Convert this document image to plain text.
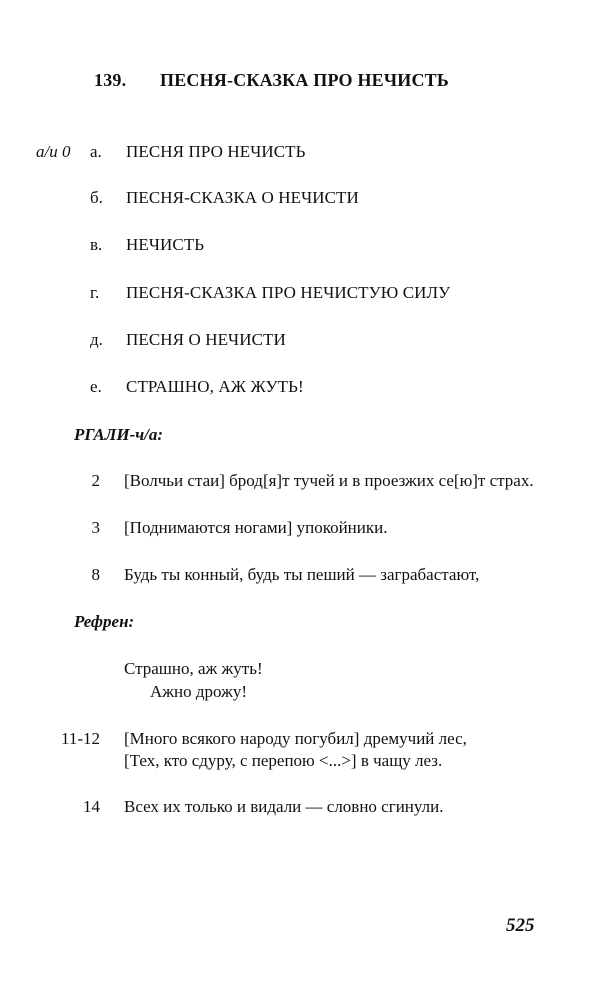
139. ПЕСНЯ-СКАЗКА ПРО НЕЧИСТЬ
а/и 0 а. ПЕСНЯ ПРО НЕЧИСТЬ
б. ПЕСНЯ-СКАЗКА О НЕЧИСТИ
в. НЕЧИСТЬ
г. ПЕСНЯ-СКАЗКА ПРО НЕЧИСТУЮ СИЛУ
д. ПЕСНЯ О НЕЧИСТИ
е. СТРАШНО, АЖ ЖУТЬ!
РГАЛИ-ч/а:
2 [Волчьи стаи] брод[я]т тучей и в проезжих се[ю]т страх.
3 [Поднимаются ногами] упокойники.
8 Будь ты конный, будь ты пеший — заграбастают,
Рефрен:
Страшно, аж жуть!
Ажно дрожу!
11-12 [Много всякого народу погубил] дремучий лес,
[Тех, кто сдуру, с перепою <...>] в чащу лез.
14 Всех их только и видали — словно сгинули.
525
